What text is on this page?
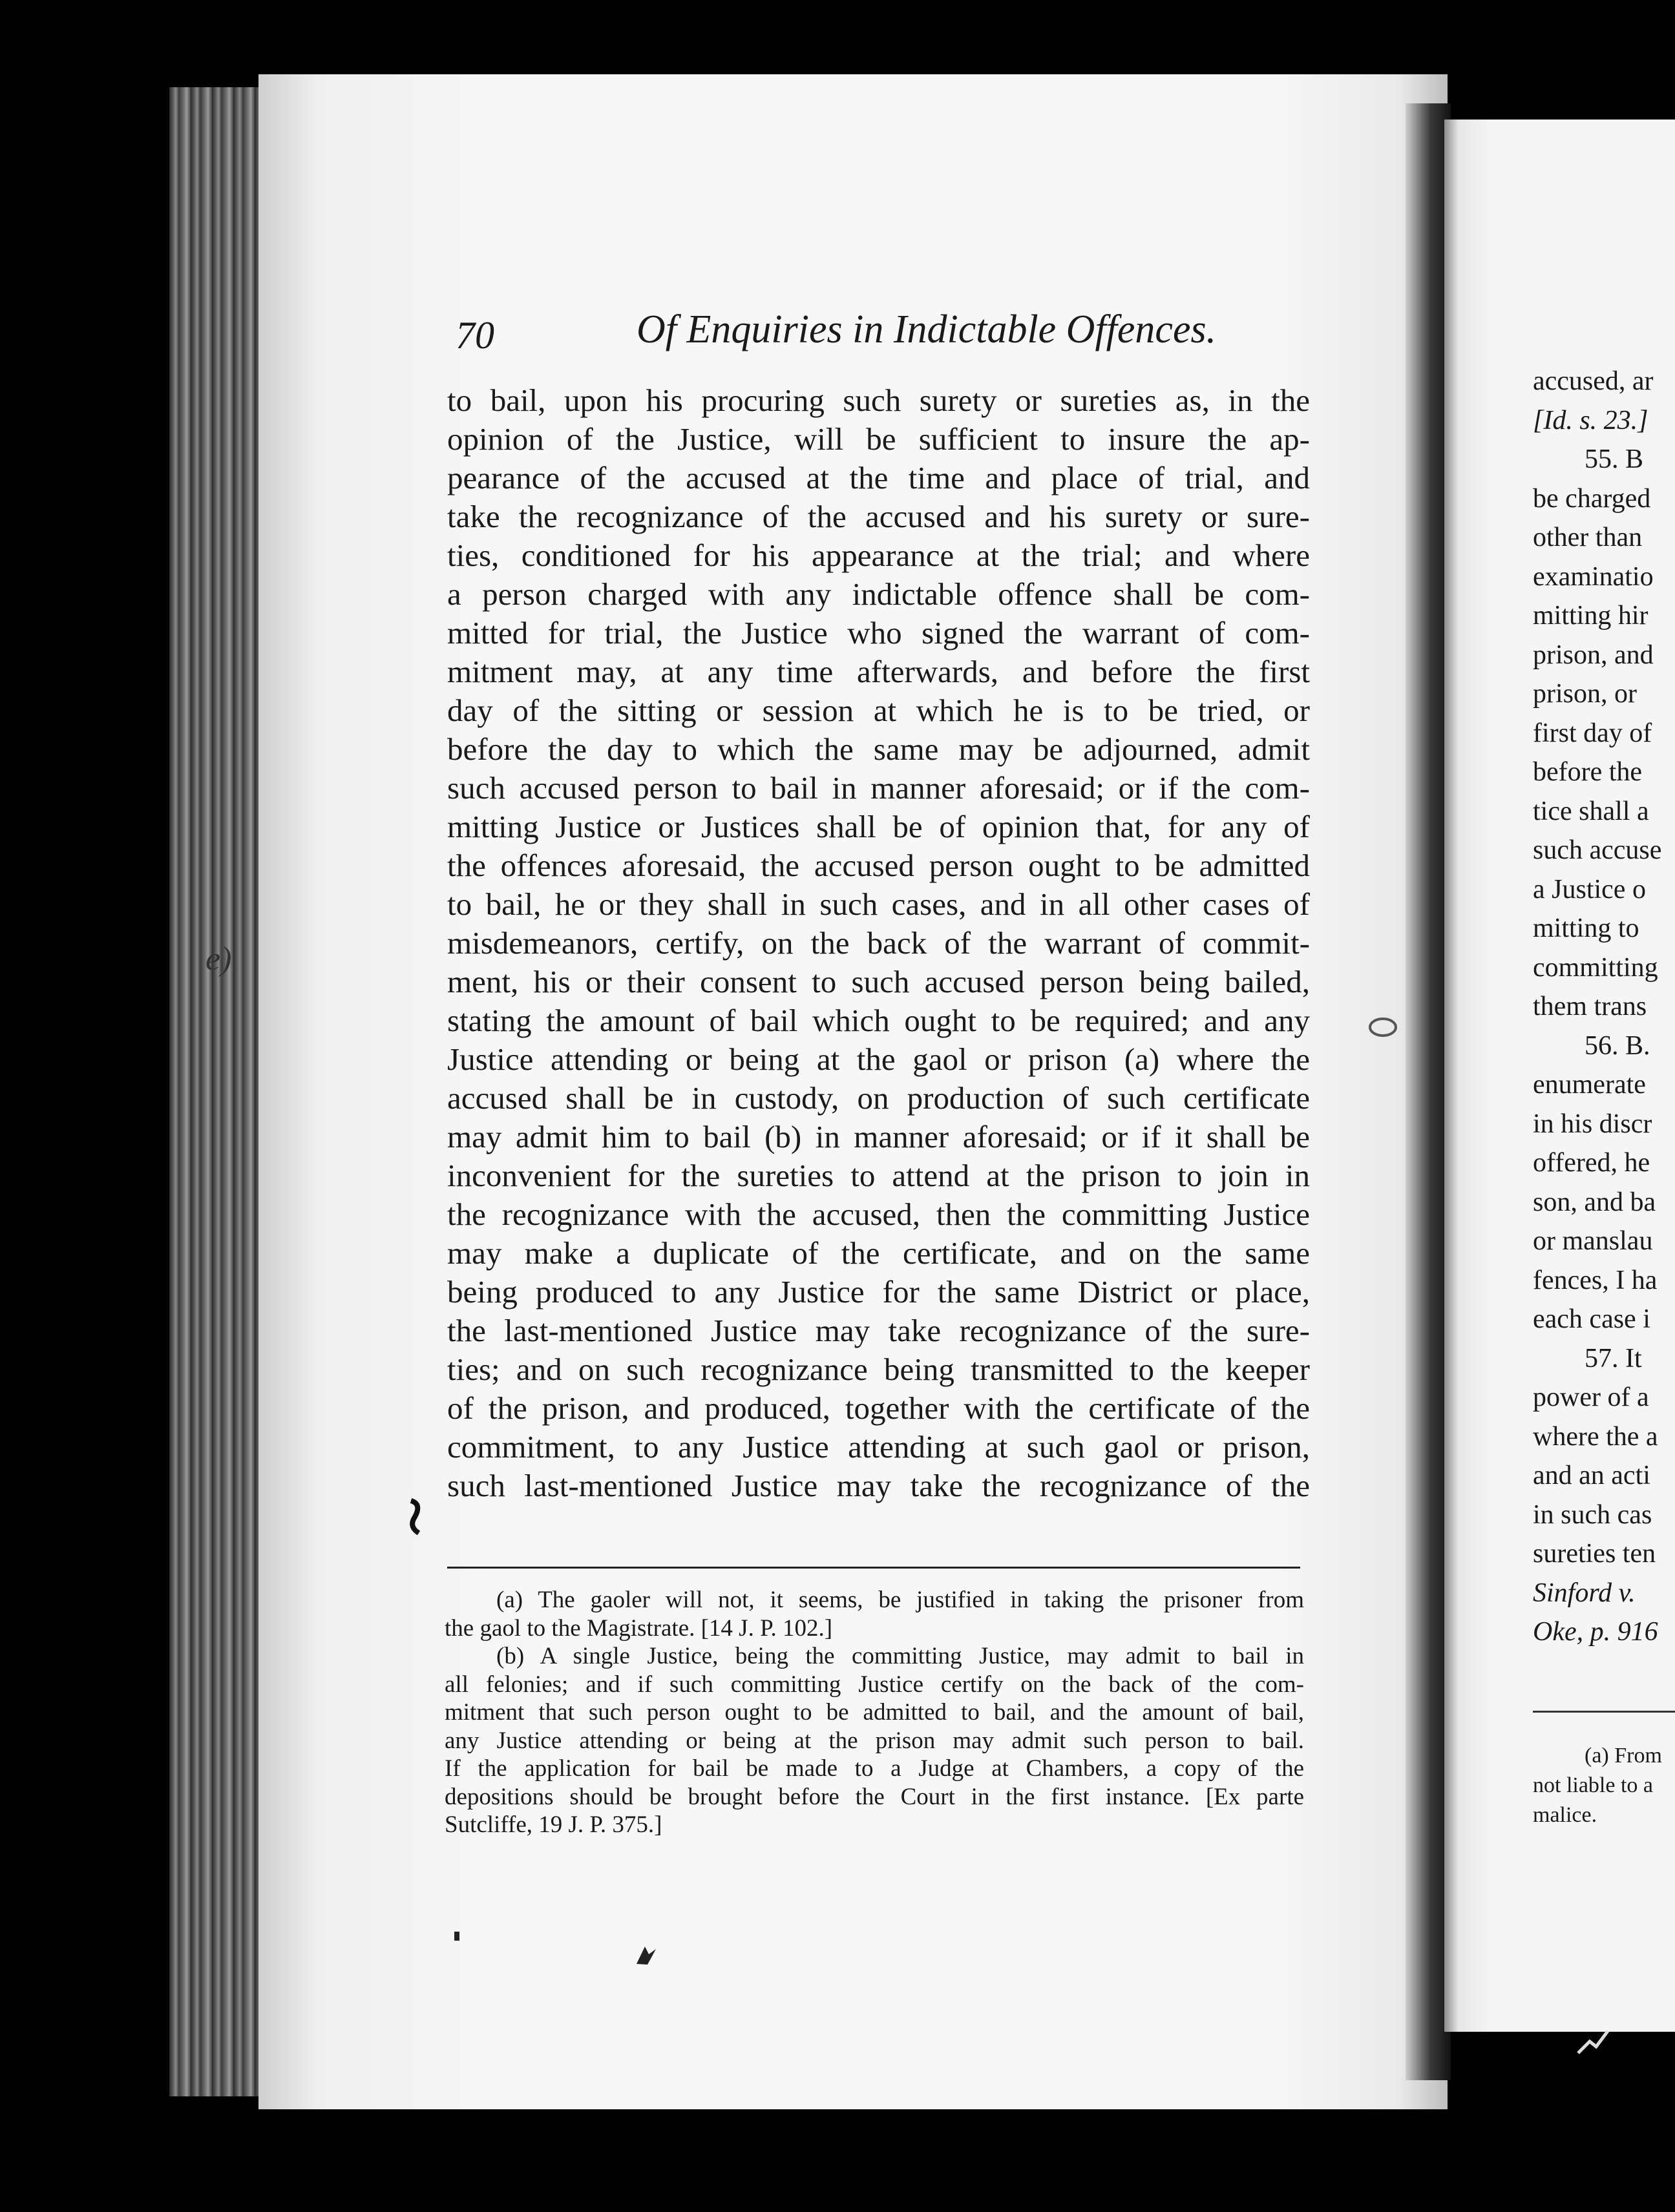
70	Of Enquiries in Indictable Offences.
to bail, upon his procuring such surety or sureties as, in the
opinion of the Justice, will be sufficient to insure the ap-
pearance of the accused at the time and place of trial, and
take the recognizance of the accused and his surety or sure-
ties, conditioned for his appearance at the trial; and where
a person charged with any indictable offence shall be com-
mitted for trial, the Justice who signed the warrant of com-
mitment may, at any time afterwards, and before the first
day of the sitting or session at which he is to be tried, or
before the day to which the same may be adjourned, admit
such accused person to bail in manner aforesaid; or if the com-
mitting Justice or Justices shall be of opinion that, for any of
the offences aforesaid, the accused person ought to be admitted
to bail, he or they shall in such cases, and in all other cases of
misdemeanors, certify, on the back of the warrant of commit-
ment, his or their consent to such accused person being bailed,
stating the amount of bail which ought to be required; and any
Justice attending or being at the gaol or prison (a) where the
accused shall be in custody, on production of such certificate
may admit him to bail (b) in manner aforesaid; or if it shall be
inconvenient for the sureties to attend at the prison to join in
the recognizance with the accused, then the committing Justice
may make a duplicate of the certificate, and on the same
being produced to any Justice for the same District or place,
the last-mentioned Justice may take recognizance of the sure-
ties; and on such recognizance being transmitted to the keeper
of the prison, and produced, together with the certificate of the
commitment, to any Justice attending at such gaol or prison,
such last-mentioned Justice may take the recognizance of the
(a) The gaoler will not, it seems, be justified in taking the prisoner from
the gaol to the Magistrate. [14 J. P. 102.]
(b) A single Justice, being the committing Justice, may admit to bail in
all felonies; and if such committing Justice certify on the back of the com-
mitment that such person ought to be admitted to bail, and the amount of bail,
any Justice attending or being at the prison may admit such person to bail.
If the application for bail be made to a Judge at Chambers, a copy of the
depositions should be brought before the Court in the first instance. [Ex parte
Sutcliffe, 19 J. P. 375.]
accused, ar
[Id. s. 23.]
55. B
be charged
other than
examinatio
mitting hir
prison, and
prison, or
first day of
before the
tice shall a
such accuse
a Justice o
mitting to
committing
them trans
56. B.
enumerate
in his discr
offered, he
son, and ba
or manslau
fences, I ha
each case i
57. It
power of a
where the a
and an acti
in such cas
sureties ten
Sinford v.
Oke, p. 916
(a) From
not liable to a
malice.
e)
